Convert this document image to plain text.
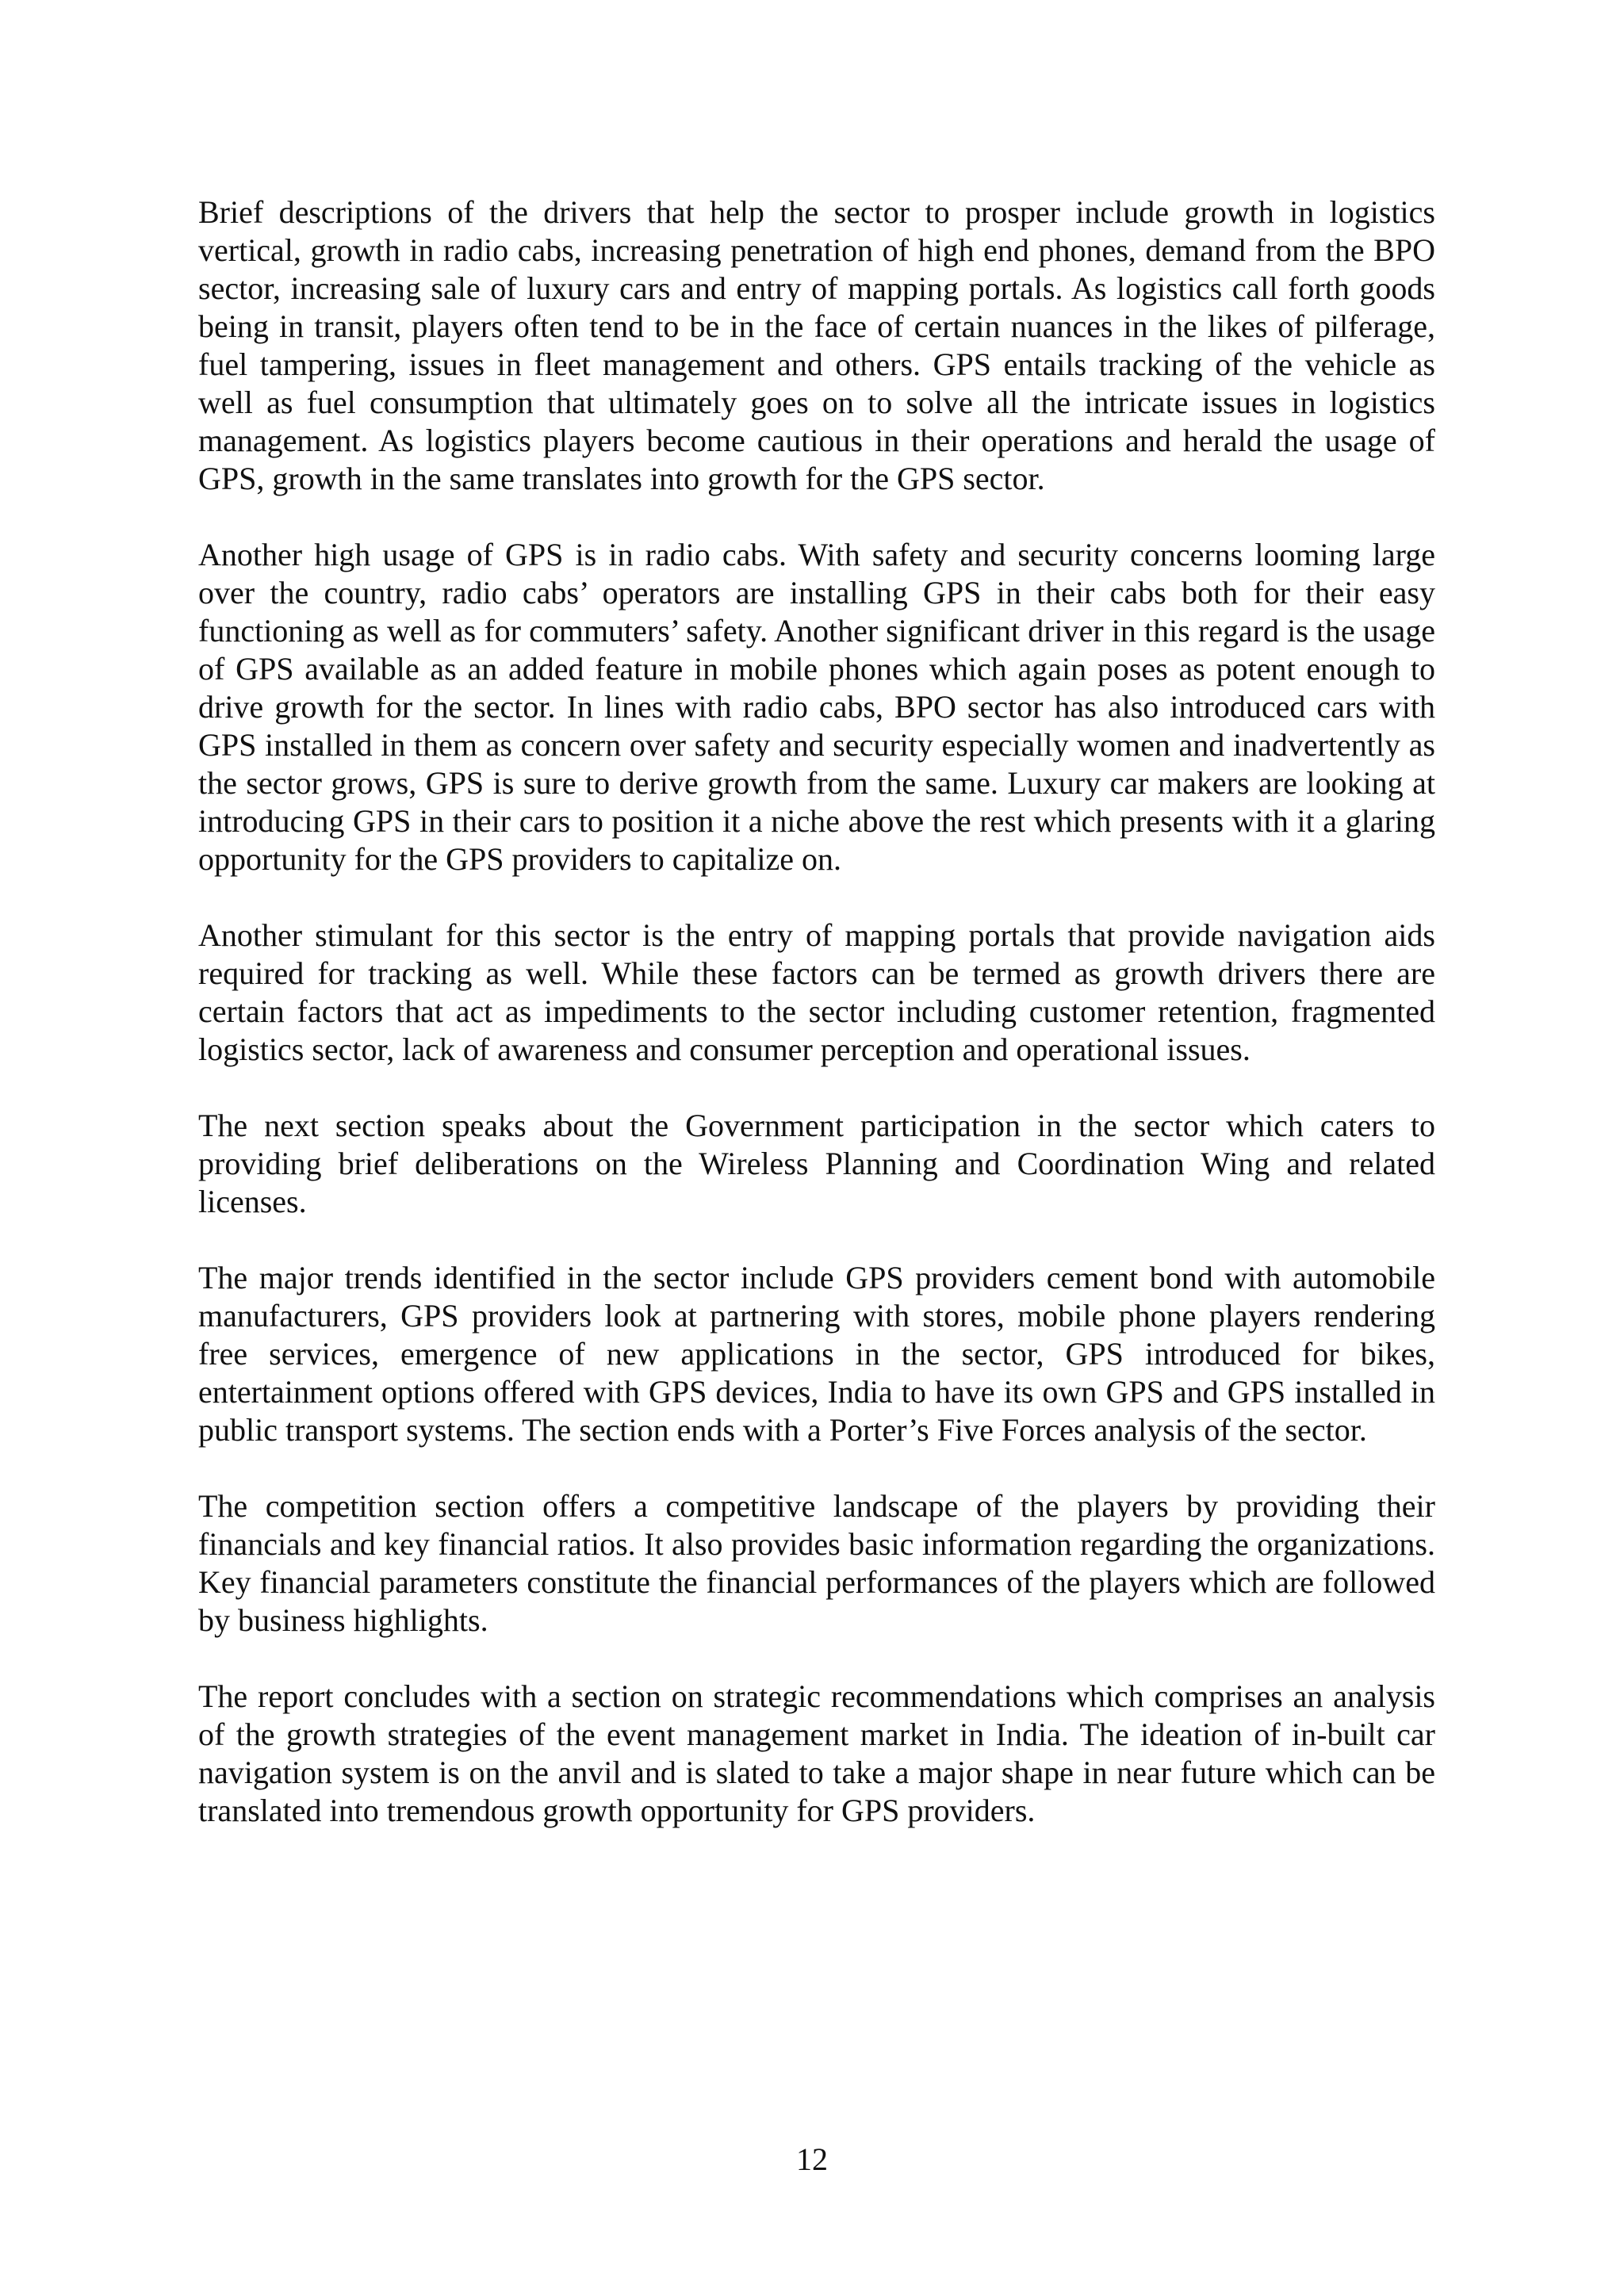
Brief descriptions of the drivers that help the sector to prosper include growth in logistics vertical, growth in radio cabs, increasing penetration of high end phones, demand from the BPO sector, increasing sale of luxury cars and entry of mapping portals. As logistics call forth goods being in transit, players often tend to be in the face of certain nuances in the likes of pilferage, fuel tampering, issues in fleet management and others. GPS entails tracking of the vehicle as well as fuel consumption that ultimately goes on to solve all the intricate issues in logistics management. As logistics players become cautious in their operations and herald the usage of GPS, growth in the same translates into growth for the GPS sector.

Another high usage of GPS is in radio cabs. With safety and security concerns looming large over the country, radio cabs’ operators are installing GPS in their cabs both for their easy functioning as well as for commuters’ safety. Another significant driver in this regard is the usage of GPS available as an added feature in mobile phones which again poses as potent enough to drive growth for the sector. In lines with radio cabs, BPO sector has also introduced cars with GPS installed in them as concern over safety and security especially women and inadvertently as the sector grows, GPS is sure to derive growth from the same. Luxury car makers are looking at introducing GPS in their cars to position it a niche above the rest which presents with it a glaring opportunity for the GPS providers to capitalize on.

Another stimulant for this sector is the entry of mapping portals that provide navigation aids required for tracking as well. While these factors can be termed as growth drivers there are certain factors that act as impediments to the sector including customer retention, fragmented logistics sector, lack of awareness and consumer perception and operational issues.

The next section speaks about the Government participation in the sector which caters to providing brief deliberations on the Wireless Planning and Coordination Wing and related licenses.

The major trends identified in the sector include GPS providers cement bond with automobile manufacturers, GPS providers look at partnering with stores, mobile phone players rendering free services, emergence of new applications in the sector, GPS introduced for bikes, entertainment options offered with GPS devices, India to have its own GPS and GPS installed in public transport systems. The section ends with a Porter’s Five Forces analysis of the sector.

The competition section offers a competitive landscape of the players by providing their financials and key financial ratios. It also provides basic information regarding the organizations. Key financial parameters constitute the financial performances of the players which are followed by business highlights.

The report concludes with a section on strategic recommendations which comprises an analysis of the growth strategies of the event management market in India. The ideation of in-built car navigation system is on the anvil and is slated to take a major shape in near future which can be translated into tremendous growth opportunity for GPS providers.

12
